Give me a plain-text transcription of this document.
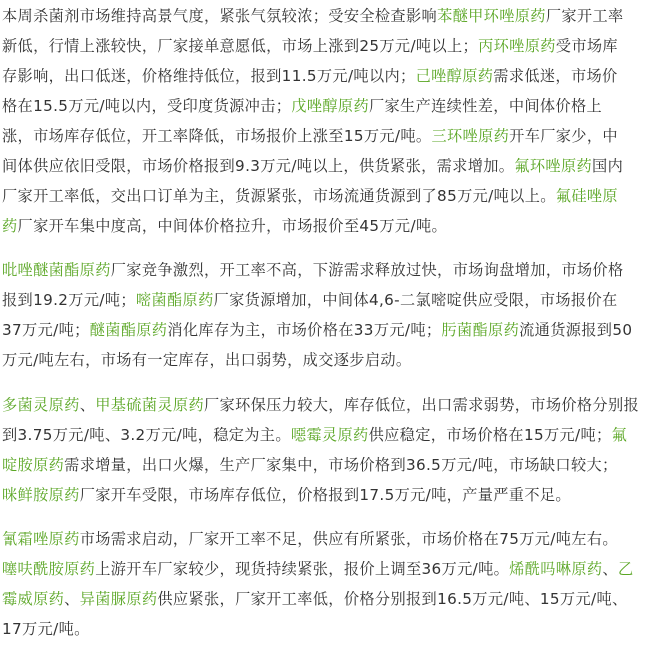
本周杀菌剂市场维持高景气度，紧张气氛较浓；受安全检查影响苯醚甲环唑原药厂家开工率
新低，行情上涨较快，厂家接单意愿低，市场上涨到25万元/吨以上；丙环唑原药受市场库
存影响，出口低迷，价格维持低位，报到11.5万元/吨以内；己唑醇原药需求低迷，市场价
格在15.5万元/吨以内，受印度货源冲击；戊唑醇原药厂家生产连续性差，中间体价格上
涨，市场库存低位，开工率降低，市场报价上涨至15万元/吨。三环唑原药开车厂家少，中
间体供应依旧受限，市场价格报到9.3万元/吨以上，供货紧张，需求增加。氟环唑原药国内
厂家开工率低，交出口订单为主，货源紧张，市场流通货源到了85万元/吨以上。氟硅唑原
药厂家开车集中度高，中间体价格拉升，市场报价至45万元/吨。
吡唑醚菌酯原药厂家竞争激烈，开工率不高，下游需求释放过快，市场询盘增加，市场价格
报到19.2万元/吨；嘧菌酯原药厂家货源增加，中间体4,6-二氯嘧啶供应受限，市场报价在
37万元/吨；醚菌酯原药消化库存为主，市场价格在33万元/吨；肟菌酯原药流通货源报到50
万元/吨左右，市场有一定库存，出口弱势，成交逐步启动。
多菌灵原药、甲基硫菌灵原药厂家环保压力较大，库存低位，出口需求弱势，市场价格分别报
到3.75万元/吨、3.2万元/吨，稳定为主。噁霉灵原药供应稳定，市场价格在15万元/吨；氟
啶胺原药需求增量，出口火爆，生产厂家集中，市场价格到36.5万元/吨，市场缺口较大；
咪鲜胺原药厂家开车受限，市场库存低位，价格报到17.5万元/吨，产量严重不足。
氰霜唑原药市场需求启动，厂家开工率不足，供应有所紧张，市场价格在75万元/吨左右。
噻呋酰胺原药上游开车厂家较少，现货持续紧张，报价上调至36万元/吨。烯酰吗啉原药、乙
霉威原药、异菌脲原药供应紧张，厂家开工率低，价格分别报到16.5万元/吨、15万元/吨、
17万元/吨。
